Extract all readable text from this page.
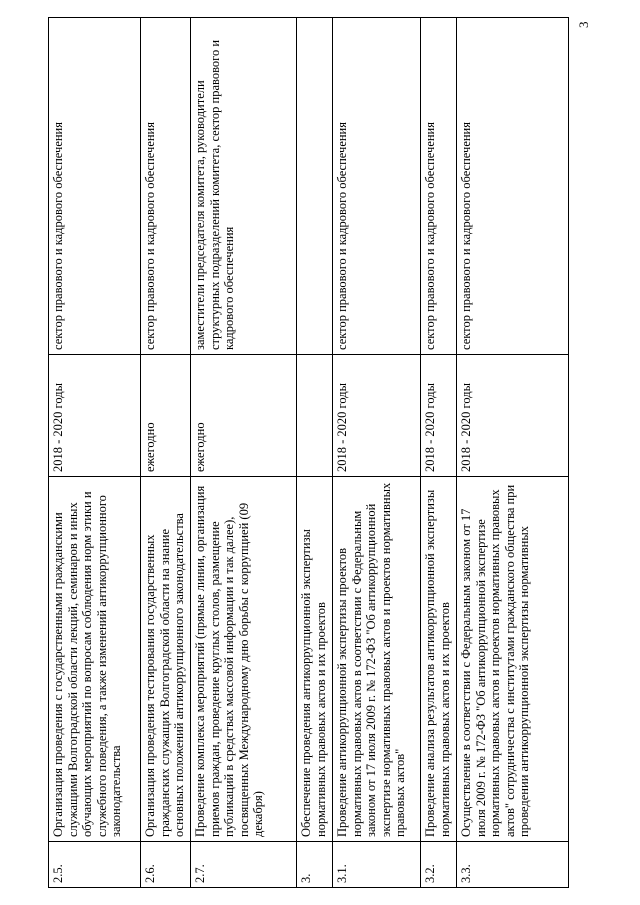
2.5.	Организация проведения с государственными гражданскими служащими Волгоградской области лекций, семинаров и иных обучающих мероприятий по вопросам соблюдения норм этики и служебного поведения, а также изменений антикоррупционного законодательства	2018 - 2020 годы	сектор правового и кадрового обеспечения
2.6.	Организация проведения тестирования государственных гражданских служащих Волгоградской области на знание основных положений антикоррупционного законодательства	ежегодно	сектор правового и кадрового обеспечения
2.7.	Проведение комплекса мероприятий (прямые линии, организация приемов граждан, проведение круглых столов, размещение публикаций в средствах массовой информации и так далее), посвященных Международному дню борьбы с коррупцией (09 декабря)	ежегодно	заместители председателя комитета, руководители структурных подразделений комитета, сектор правового и кадрового обеспечения
3.	Обеспечение проведения антикоррупционной экспертизы нормативных правовых актов и их проектов		
3.1.	Проведение антикоррупционной экспертизы проектов нормативных правовых актов в соответствии с Федеральным законом от 17 июля 2009 г. № 172-ФЗ "Об антикоррупционной экспертизе нормативных правовых актов и проектов нормативных правовых актов"	2018 - 2020 годы	сектор правового и кадрового обеспечения
3.2.	Проведение анализа результатов антикоррупционной экспертизы нормативных правовых актов и их проектов	2018 - 2020 годы	сектор правового и кадрового обеспечения
3.3.	Осуществление в соответствии с Федеральным законом от 17 июля 2009 г. № 172-ФЗ "Об антикоррупционной экспертизе нормативных правовых актов и проектов нормативных правовых актов" сотрудничества с институтами гражданского общества при проведении антикоррупционной экспертизы нормативных	2018 - 2020 годы	сектор правового и кадрового обеспечения
3
